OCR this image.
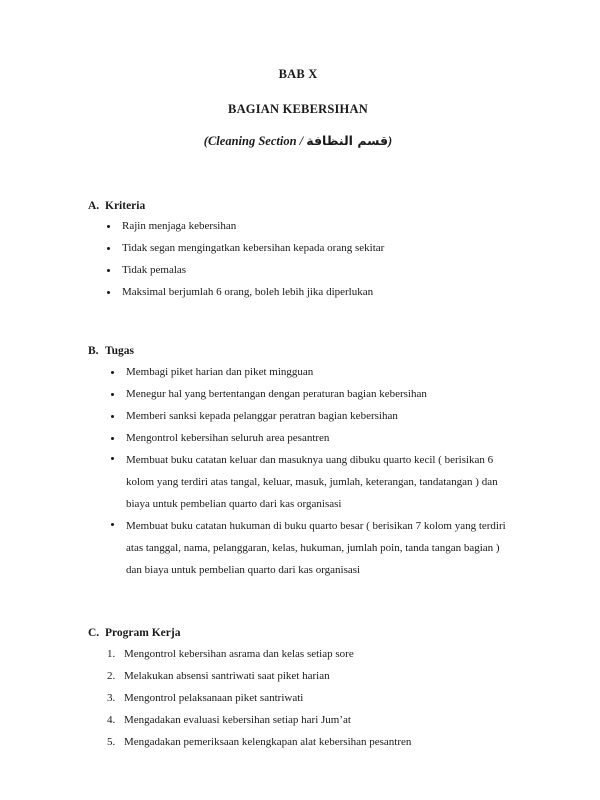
BAB X
BAGIAN KEBERSIHAN
(Cleaning Section / قسم النظافة)
A. Kriteria
Rajin menjaga kebersihan
Tidak segan mengingatkan kebersihan kepada orang sekitar
Tidak pemalas
Maksimal berjumlah 6 orang, boleh lebih jika diperlukan
B. Tugas
Membagi piket harian dan piket mingguan
Menegur hal yang bertentangan dengan peraturan bagian kebersihan
Memberi sanksi kepada pelanggar peratran bagian kebersihan
Mengontrol kebersihan seluruh area pesantren
Membuat buku catatan keluar dan masuknya uang dibuku quarto kecil ( berisikan 6 kolom yang terdiri atas tangal, keluar, masuk, jumlah, keterangan, tandatangan ) dan biaya untuk pembelian quarto dari kas organisasi
Membuat buku catatan hukuman di buku quarto besar ( berisikan 7 kolom yang terdiri atas tanggal, nama, pelanggaran, kelas, hukuman, jumlah poin, tanda tangan bagian ) dan biaya untuk pembelian quarto dari kas organisasi
C. Program Kerja
1. Mengontrol kebersihan asrama dan kelas setiap sore
2. Melakukan absensi santriwati saat piket harian
3. Mengontrol pelaksanaan piket santriwati
4. Mengadakan evaluasi kebersihan setiap hari Jum’at
5. Mengadakan pemeriksaan kelengkapan alat kebersihan pesantren
